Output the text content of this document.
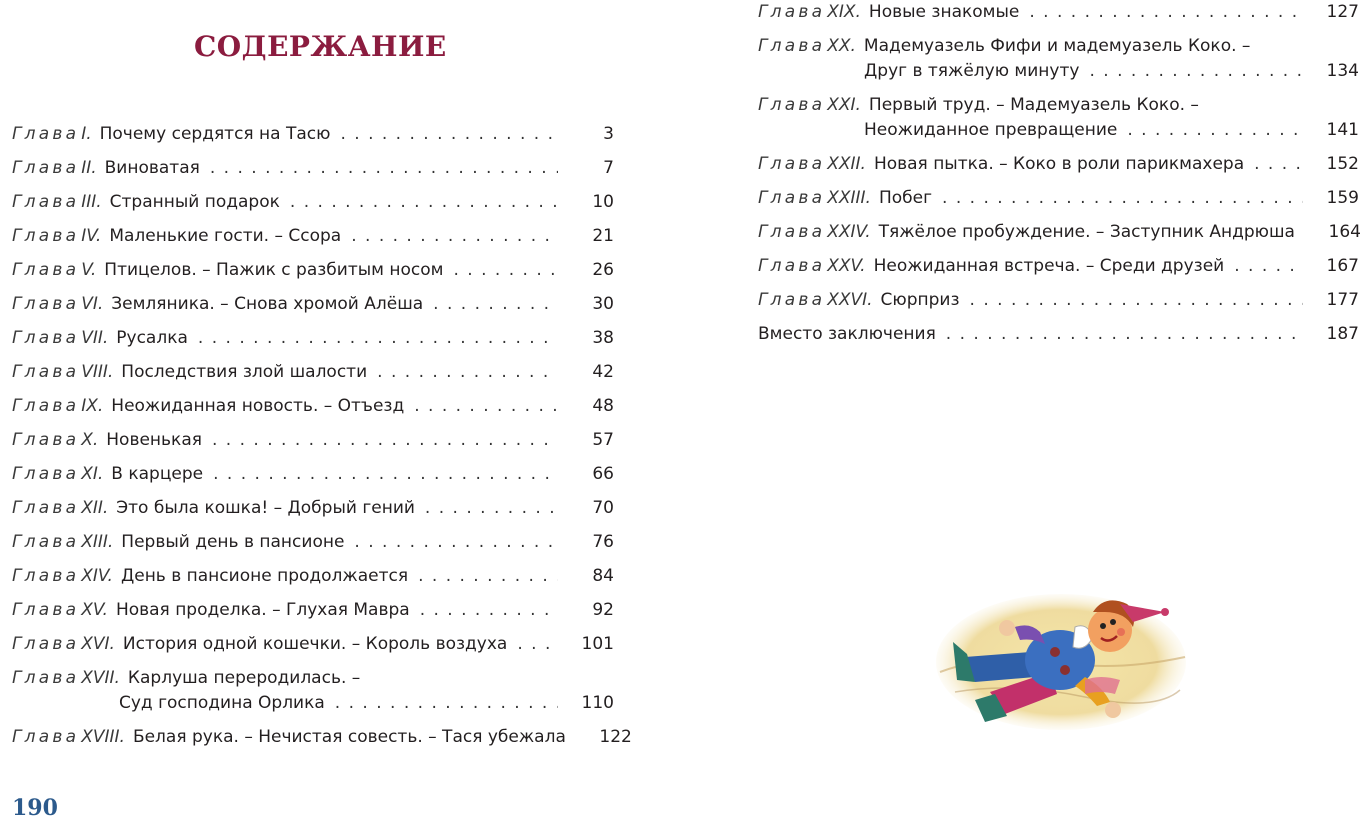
СОДЕРЖАНИЕ
Глава I. Почему сердятся на Тасю . . .	3
Глава II. Виноватая . . .	7
Глава III. Странный подарок . . .	10
Глава IV. Маленькие гости. – Ссора . . .	21
Глава V. Птицелов. – Пажик с разбитым носом . . .	26
Глава VI. Земляника. – Снова хромой Алёша . . .	30
Глава VII. Русалка . . .	38
Глава VIII. Последствия злой шалости . . .	42
Глава IX. Неожиданная новость. – Отъезд . . .	48
Глава X. Новенькая . . .	57
Глава XI. В карцере . . .	66
Глава XII. Это была кошка! – Добрый гений . . .	70
Глава XIII. Первый день в пансионе . . .	76
Глава XIV. День в пансионе продолжается . . .	84
Глава XV. Новая проделка. – Глухая Мавра . . .	92
Глава XVI. История одной кошечки. – Король воздуха . . .	101
Глава XVII. Карлуша переродилась. –
Суд господина Орлика . . .	110
Глава XVIII. Белая рука. – Нечистая совесть. – Тася убежала	122
Глава XIX. Новые знакомые . . .	127
Глава XX. Мадемуазель Фифи и мадемуазель Коко. –
Друг в тяжёлую минуту . . .	134
Глава XXI. Первый труд. – Мадемуазель Коко. –
Неожиданное превращение . . .	141
Глава XXII. Новая пытка. – Коко в роли парикмахера . . .	152
Глава XXIII. Побег . . .	159
Глава XXIV. Тяжёлое пробуждение. – Заступник Андрюша	164
Глава XXV. Неожиданная встреча. – Среди друзей . . .	167
Глава XXVI. Сюрприз . . .	177
Вместо заключения . . .	187
190
